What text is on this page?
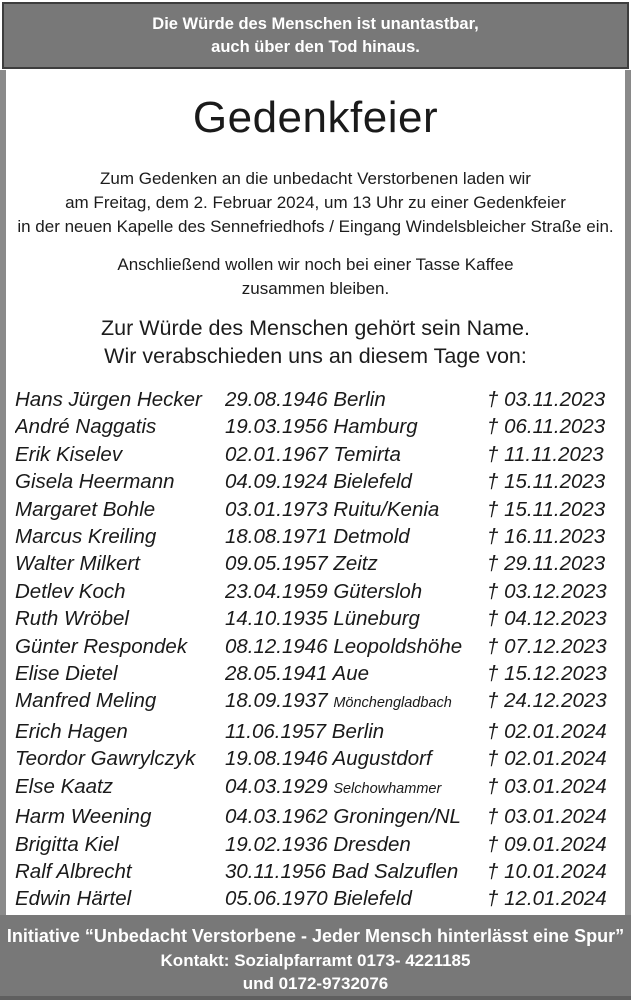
Die Würde des Menschen ist unantastbar,
auch über den Tod hinaus.
Gedenkfeier
Zum Gedenken an die unbedacht Verstorbenen laden wir
am Freitag, dem 2. Februar 2024, um 13 Uhr zu einer Gedenkfeier
in der neuen Kapelle des Sennefriedhofs / Eingang Windelsbleicher Straße ein.
Anschließend wollen wir noch bei einer Tasse Kaffee
zusammen bleiben.
Zur Würde des Menschen gehört sein Name.
Wir verabschieden uns an diesem Tage von:
Hans Jürgen Hecker	29.08.1946 Berlin	† 03.11.2023
André Naggatis	19.03.1956 Hamburg	† 06.11.2023
Erik Kiselev	02.01.1967 Temirta	† 11.11.2023
Gisela Heermann	04.09.1924 Bielefeld	† 15.11.2023
Margaret Bohle	03.01.1973 Ruitu/Kenia	† 15.11.2023
Marcus Kreiling	18.08.1971 Detmold	† 16.11.2023
Walter Milkert	09.05.1957 Zeitz	† 29.11.2023
Detlev Koch	23.04.1959 Gütersloh	† 03.12.2023
Ruth Wröbel	14.10.1935 Lüneburg	† 04.12.2023
Günter Respondek	08.12.1946 Leopoldshöhe	† 07.12.2023
Elise Dietel	28.05.1941 Aue	† 15.12.2023
Manfred Meling	18.09.1937 Mönchengladbach	† 24.12.2023
Erich Hagen	11.06.1957 Berlin	† 02.01.2024
Teordor Gawrylczyk	19.08.1946 Augustdorf	† 02.01.2024
Else Kaatz	04.03.1929 Selchowhammer	† 03.01.2024
Harm Weening	04.03.1962 Groningen/NL	† 03.01.2024
Brigitta Kiel	19.02.1936 Dresden	† 09.01.2024
Ralf Albrecht	30.11.1956 Bad Salzuflen	† 10.01.2024
Edwin Härtel	05.06.1970 Bielefeld	† 12.01.2024
Initiative “Unbedacht Verstorbene - Jeder Mensch hinterlässt eine Spur”
Kontakt: Sozialpfarramt 0173- 4221185
und 0172-9732076
